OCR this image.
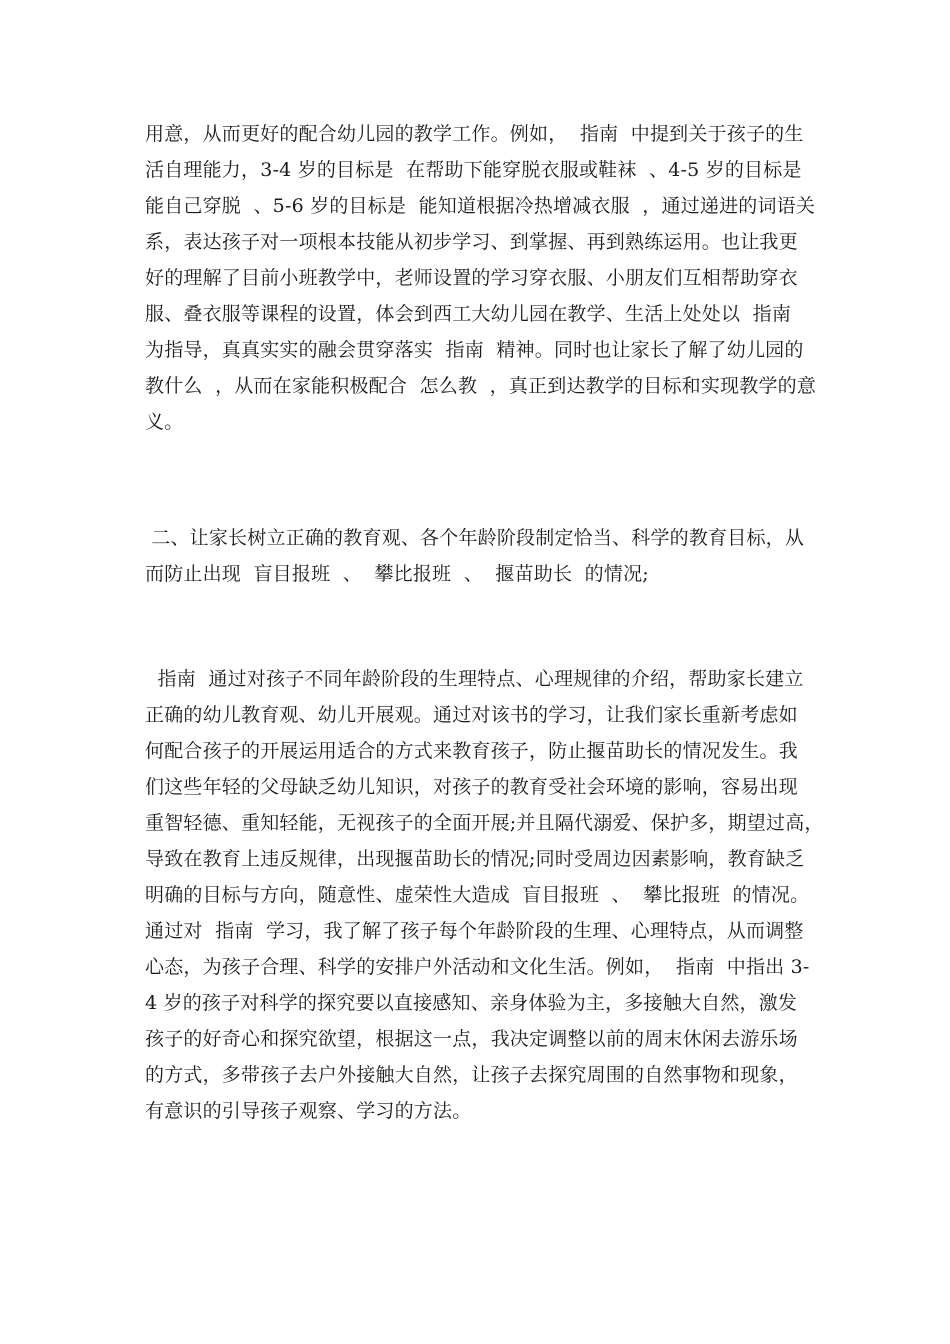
用意，从而更好的配合幼儿园的教学工作。例如，  指南  中提到关于孩子的生
活自理能力，3-4 岁的目标是  在帮助下能穿脱衣服或鞋袜  、4-5 岁的目标是
能自己穿脱  、5-6 岁的目标是  能知道根据冷热增减衣服  ，通过递进的词语关
系，表达孩子对一项根本技能从初步学习、到掌握、再到熟练运用。也让我更
好的理解了目前小班教学中，老师设置的学习穿衣服、小朋友们互相帮助穿衣
服、叠衣服等课程的设置，体会到西工大幼儿园在教学、生活上处处以  指南
为指导，真真实实的融会贯穿落实  指南  精神。同时也让家长了解了幼儿园的
教什么  ，从而在家能积极配合  怎么教  ，真正到达教学的目标和实现教学的意
义。
二、让家长树立正确的教育观、各个年龄阶段制定恰当、科学的教育目标，从
而防止出现  盲目报班  、  攀比报班  、  揠苗助长  的情况;
指南  通过对孩子不同年龄阶段的生理特点、心理规律的介绍，帮助家长建立
正确的幼儿教育观、幼儿开展观。通过对该书的学习，让我们家长重新考虑如
何配合孩子的开展运用适合的方式来教育孩子，防止揠苗助长的情况发生。我
们这些年轻的父母缺乏幼儿知识，对孩子的教育受社会环境的影响，容易出现
重智轻德、重知轻能，无视孩子的全面开展;并且隔代溺爱、保护多，期望过高，
导致在教育上违反规律，出现揠苗助长的情况;同时受周边因素影响，教育缺乏
明确的目标与方向，随意性、虚荣性大造成  盲目报班  、  攀比报班  的情况。
通过对  指南  学习，我了解了孩子每个年龄阶段的生理、心理特点，从而调整
心态，为孩子合理、科学的安排户外活动和文化生活。例如，  指南  中指出 3-
4 岁的孩子对科学的探究要以直接感知、亲身体验为主，多接触大自然，激发
孩子的好奇心和探究欲望，根据这一点，我决定调整以前的周末休闲去游乐场
的方式，多带孩子去户外接触大自然，让孩子去探究周围的自然事物和现象，
有意识的引导孩子观察、学习的方法。
